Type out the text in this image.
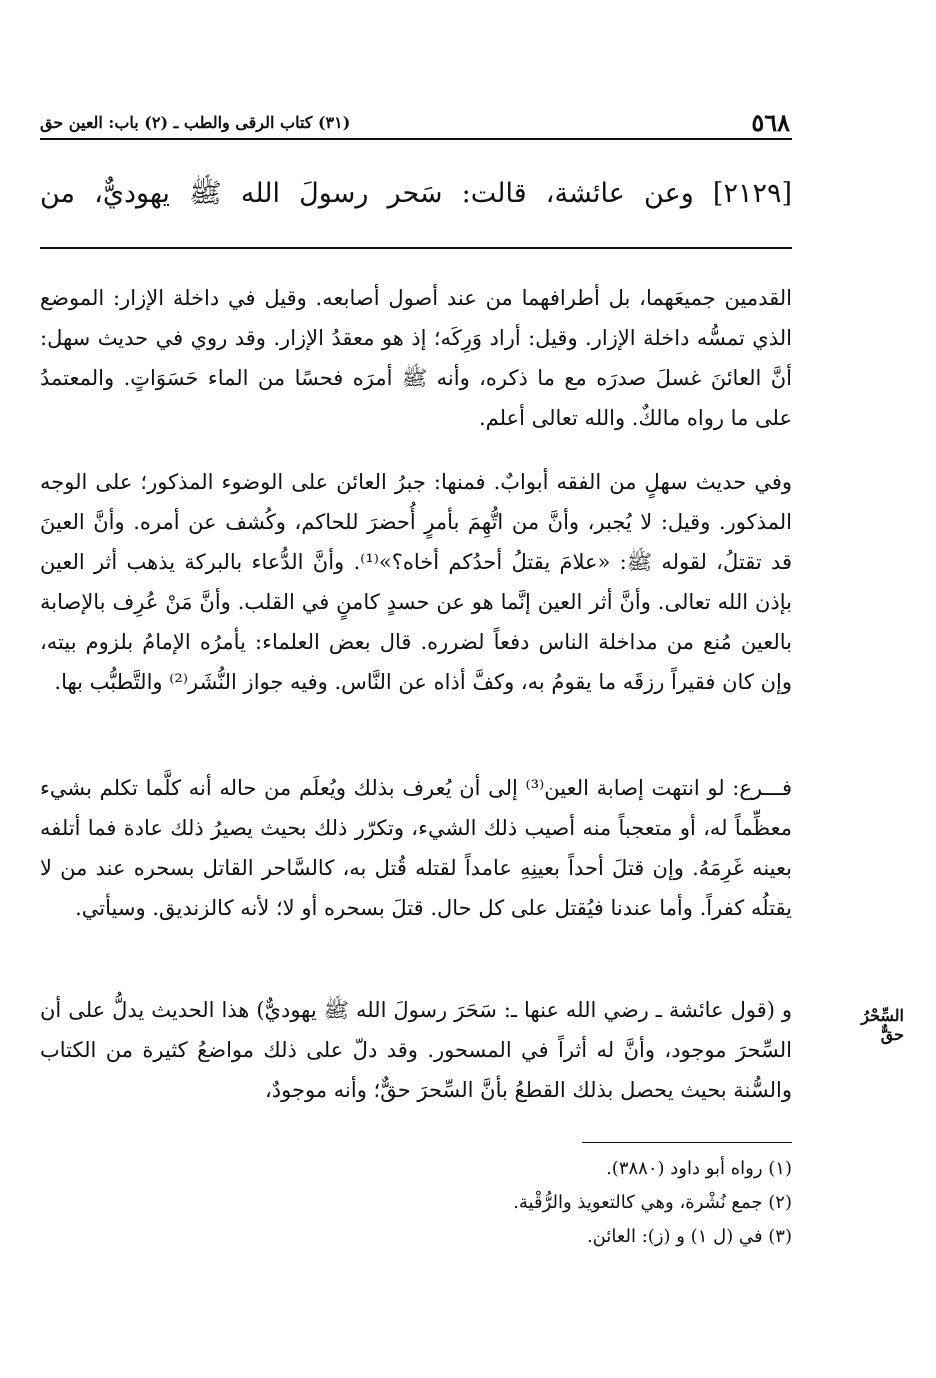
٥٦٨
(٣١) كتاب الرقى والطب ـ (٢) باب: العين حق
[٢١٢٩] وعن عائشة، قالت: سَحر رسولَ الله ﷺ يهوديٌّ، من

القدمين جميعَهما، بل أطرافهما من عند أصول أصابعه. وقيل في داخلة الإزار: الموضع الذي تمسُّه داخلة الإزار. وقيل: أراد وَرِكَه؛ إذ هو معقدُ الإزار. وقد روي في حديث سهل: أنَّ العائنَ غسلَ صدرَه مع ما ذكره، وأنه ﷺ أمرَه فحسًا من الماء حَسَوَاتٍ. والمعتمدُ على ما رواه مالكٌ. والله تعالى أعلم.

وفي حديث سهلٍ من الفقه أبوابٌ. فمنها: جبرُ العائن على الوضوء المذكور؛ على الوجه المذكور. وقيل: لا يُجبر، وأنَّ من اتُّهِمَ بأمرٍ أُحضرَ للحاكم، وكُشف عن أمره. وأنَّ العينَ قد تقتلُ، لقوله ﷺ: «علامَ يقتلُ أحدُكم أخاه؟»⁽¹⁾. وأنَّ الدُّعاء بالبركة يذهب أثر العين بإذن الله تعالى. وأنَّ أثر العين إنَّما هو عن حسدٍ كامنٍ في القلب. وأنَّ مَنْ عُرِف بالإصابة بالعين مُنع من مداخلة الناس دفعاً لضرره. قال بعض العلماء: يأمرُه الإمامُ بلزوم بيته، وإن كان فقيراً رزقَه ما يقومُ به، وكفَّ أذاه عن النَّاس. وفيه جواز النُّشَر⁽²⁾ والتَّطبُّب بها.

فـــرع: لو انتهت إصابة العين⁽³⁾ إلى أن يُعرف بذلك ويُعلَم من حاله أنه كلَّما تكلم بشيء معظِّماً له، أو متعجباً منه أصيب ذلك الشيء، وتكرّر ذلك بحيث يصيرُ ذلك عادة فما أتلفه بعينه غَرِمَهُ. وإن قتلَ أحداً بعينِهِ عامداً لقتله قُتل به، كالسَّاحر القاتل بسحره عند من لا يقتلُه كفراً. وأما عندنا فيُقتل على كل حال. قتلَ بسحره أو لا؛ لأنه كالزنديق. وسيأتي.

و (قول عائشة ـ رضي الله عنها ـ: سَحَرَ رسولَ الله ﷺ يهوديٌّ) هذا الحديث يدلُّ على أن السِّحرَ موجود، وأنَّ له أثراً في المسحور. وقد دلّ على ذلك مواضعُ كثيرة من الكتاب والسُّنة بحيث يحصل بذلك القطعُ بأنَّ السِّحرَ حقٌّ؛ وأنه موجودٌ،

السِّحْرُ حقٌّ

(١) رواه أبو داود (٣٨٨٠).

(٢) جمع نُشْرة، وهي كالتعويذ والرُّقْية.

(٣) في (ل ١) و (ز): العائن.
